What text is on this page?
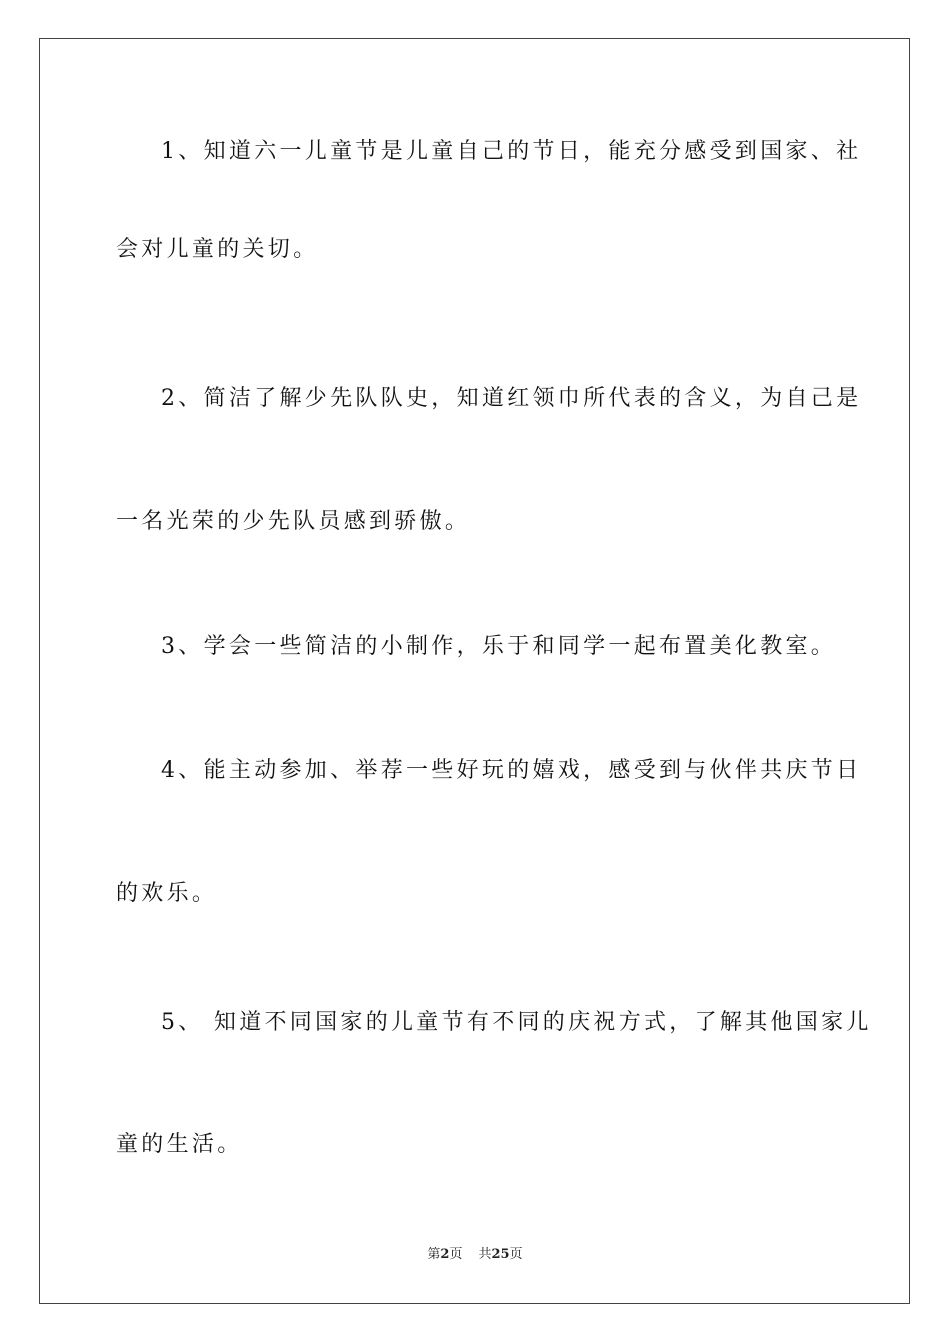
1、知道六一儿童节是儿童自己的节日，能充分感受到国家、社
会对儿童的关切。
2、简洁了解少先队队史，知道红领巾所代表的含义，为自己是
一名光荣的少先队员感到骄傲。
3、学会一些简洁的小制作，乐于和同学一起布置美化教室。
4、能主动参加、举荐一些好玩的嬉戏，感受到与伙伴共庆节日
的欢乐。
5、 知道不同国家的儿童节有不同的庆祝方式，了解其他国家儿
童的生活。
第2页 共25页
